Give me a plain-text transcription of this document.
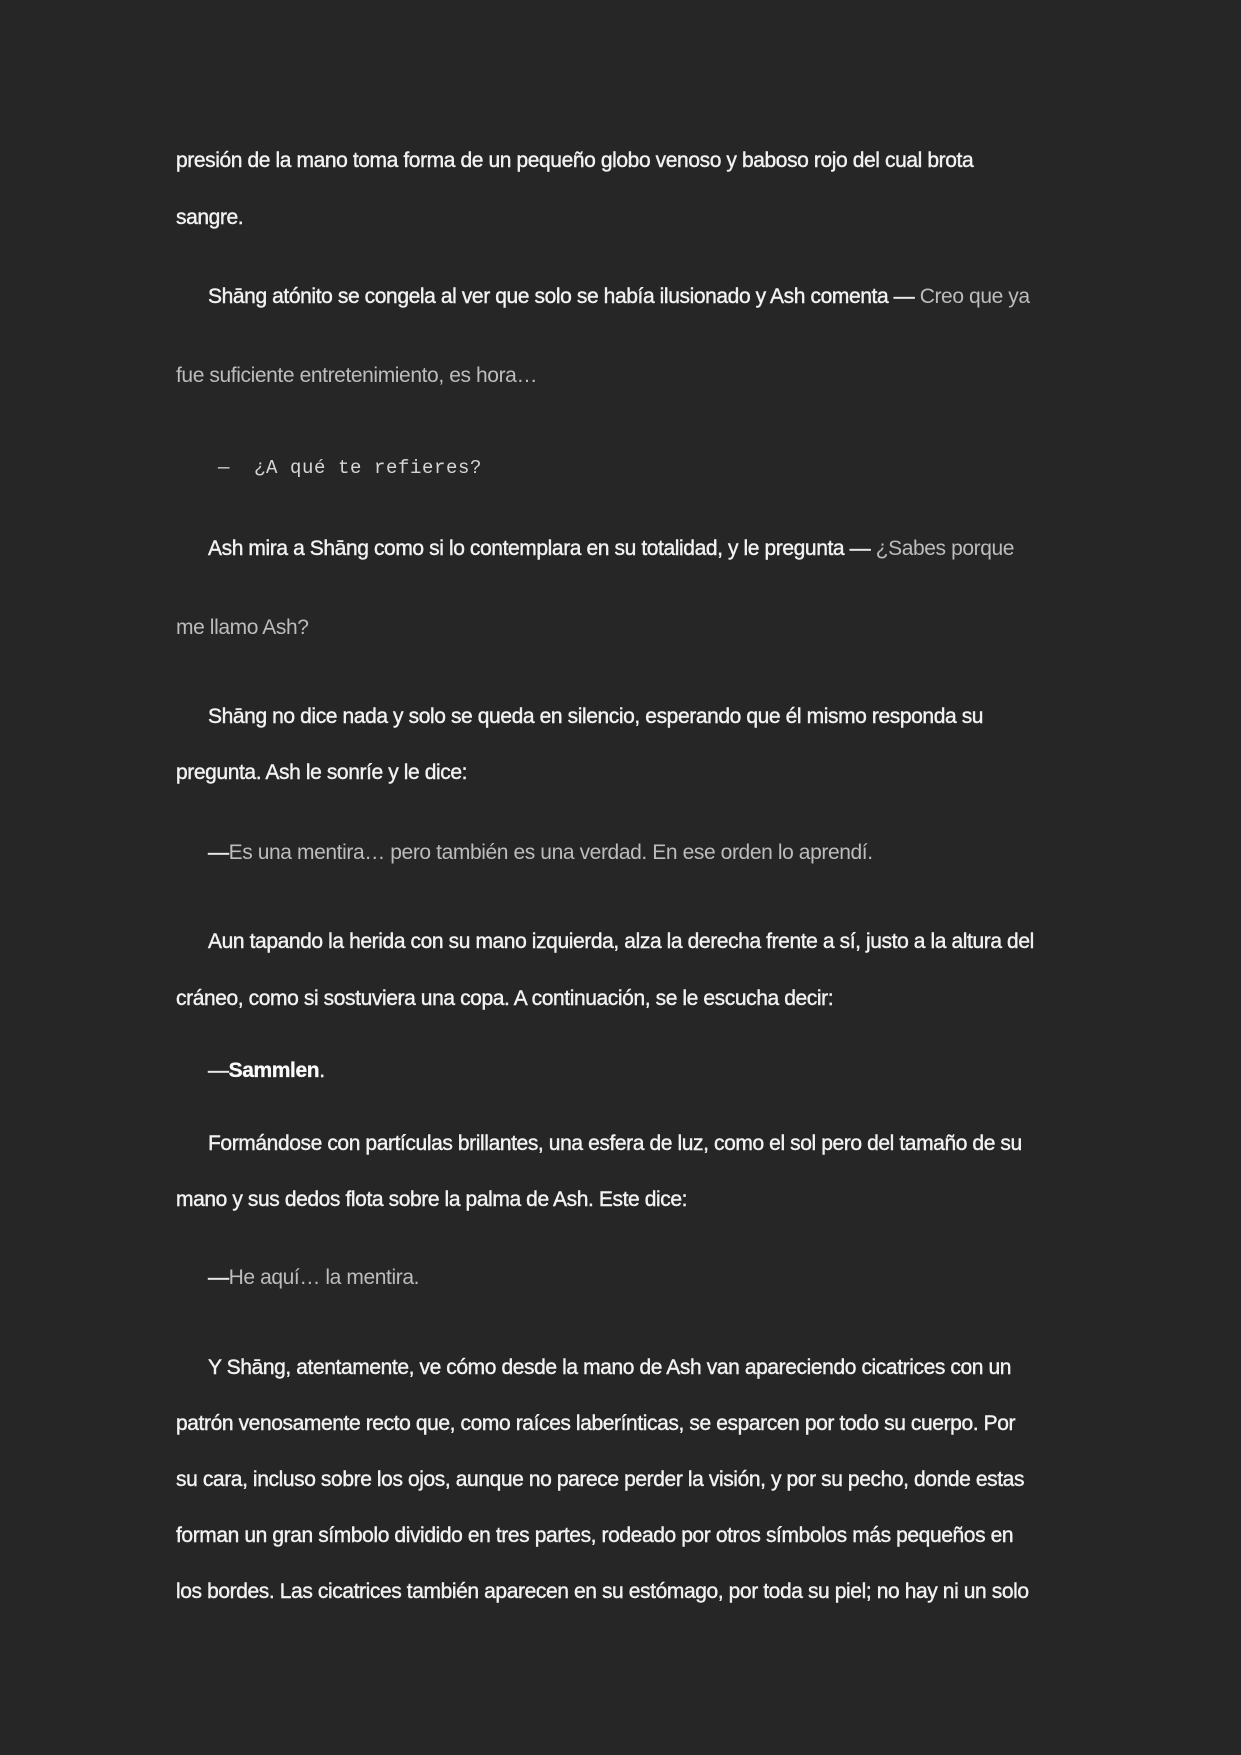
presión de la mano toma forma de un pequeño globo venoso y baboso rojo del cual brota
sangre.
Shāng atónito se congela al ver que solo se había ilusionado y Ash comenta — Creo que ya
fue suficiente entretenimiento, es hora…
—  ¿A qué te refieres?
Ash mira a Shāng como si lo contemplara en su totalidad, y le pregunta — ¿Sabes porque
me llamo Ash?
Shāng no dice nada y solo se queda en silencio, esperando que él mismo responda su
pregunta. Ash le sonríe y le dice:
—Es una mentira… pero también es una verdad. En ese orden lo aprendí.
Aun tapando la herida con su mano izquierda, alza la derecha frente a sí, justo a la altura del
cráneo, como si sostuviera una copa. A continuación, se le escucha decir:
—Sammlen.
Formándose con partículas brillantes, una esfera de luz, como el sol pero del tamaño de su
mano y sus dedos flota sobre la palma de Ash. Este dice:
—He aquí… la mentira.
Y Shāng, atentamente, ve cómo desde la mano de Ash van apareciendo cicatrices con un
patrón venosamente recto que, como raíces laberínticas, se esparcen por todo su cuerpo. Por
su cara, incluso sobre los ojos, aunque no parece perder la visión, y por su pecho, donde estas
forman un gran símbolo dividido en tres partes, rodeado por otros símbolos más pequeños en
los bordes. Las cicatrices también aparecen en su estómago, por toda su piel; no hay ni un solo
